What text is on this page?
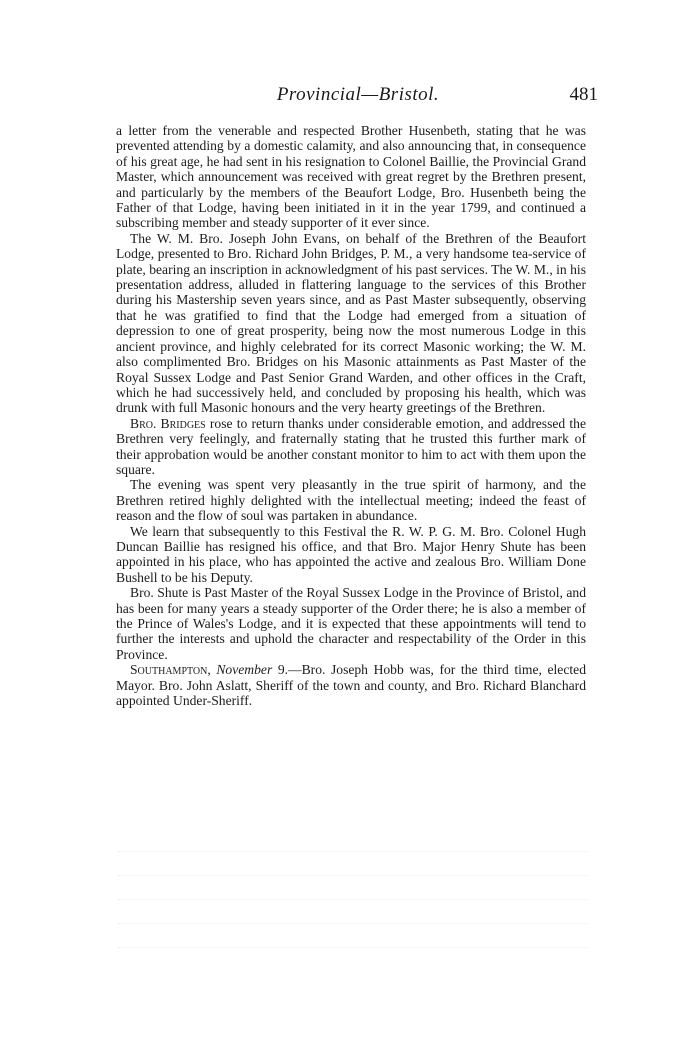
Provincial—Bristol.	481

a letter from the venerable and respected Brother Husenbeth, stating that he was prevented attending by a domestic calamity, and also announcing that, in consequence of his great age, he had sent in his resignation to Colonel Baillie, the Provincial Grand Master, which announcement was received with great regret by the Brethren present, and particularly by the members of the Beaufort Lodge, Bro. Husenbeth being the Father of that Lodge, having been initiated in it in the year 1799, and continued a subscribing member and steady supporter of it ever since.

The W. M. Bro. Joseph John Evans, on behalf of the Brethren of the Beaufort Lodge, presented to Bro. Richard John Bridges, P. M., a very handsome tea-service of plate, bearing an inscription in acknowledgment of his past services. The W. M., in his presentation address, alluded in flattering language to the services of this Brother during his Mastership seven years since, and as Past Master subsequently, observing that he was gratified to find that the Lodge had emerged from a situation of depression to one of great prosperity, being now the most numerous Lodge in this ancient province, and highly celebrated for its correct Masonic working; the W. M. also complimented Bro. Bridges on his Masonic attainments as Past Master of the Royal Sussex Lodge and Past Senior Grand Warden, and other offices in the Craft, which he had successively held, and concluded by proposing his health, which was drunk with full Masonic honours and the very hearty greetings of the Brethren.

Bro. Bridges rose to return thanks under considerable emotion, and addressed the Brethren very feelingly, and fraternally stating that he trusted this further mark of their approbation would be another constant monitor to him to act with them upon the square.

The evening was spent very pleasantly in the true spirit of harmony, and the Brethren retired highly delighted with the intellectual meeting; indeed the feast of reason and the flow of soul was partaken in abundance.

We learn that subsequently to this Festival the R. W. P. G. M. Bro. Colonel Hugh Duncan Baillie has resigned his office, and that Bro. Major Henry Shute has been appointed in his place, who has appointed the active and zealous Bro. William Done Bushell to be his Deputy.

Bro. Shute is Past Master of the Royal Sussex Lodge in the Province of Bristol, and has been for many years a steady supporter of the Order there; he is also a member of the Prince of Wales's Lodge, and it is expected that these appointments will tend to further the interests and uphold the character and respectability of the Order in this Province.

Southampton, November 9.—Bro. Joseph Hobb was, for the third time, elected Mayor. Bro. John Aslatt, Sheriff of the town and county, and Bro. Richard Blanchard appointed Under-Sheriff.
